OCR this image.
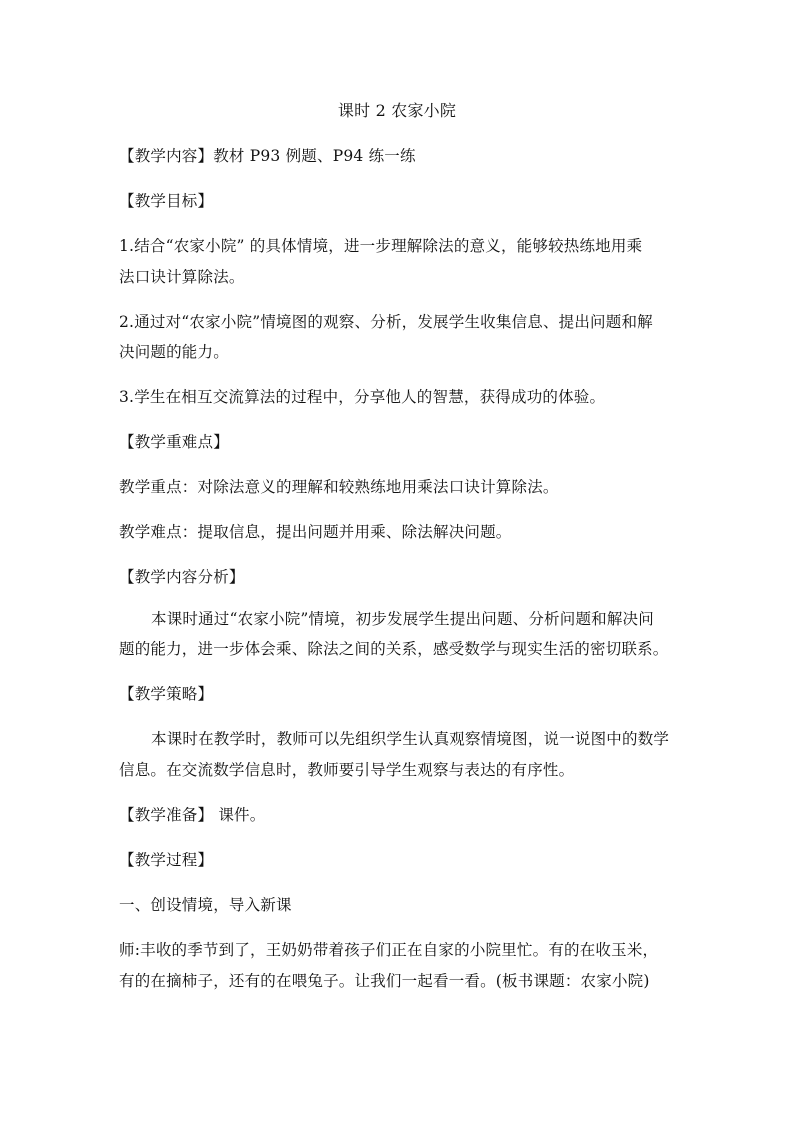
课时 2 农家小院
【教学内容】教材 P93 例题、P94 练一练
【教学目标】
1.结合“农家小院” 的具体情境，进一步理解除法的意义，能够较热练地用乘
法口诀计算除法。
2.通过对“农家小院”情境图的观察、分析，发展学生收集信息、提出问题和解
决问题的能力。
3.学生在相互交流算法的过程中，分享他人的智慧，获得成功的体验。
【教学重难点】
教学重点：对除法意义的理解和较熟练地用乘法口诀计算除法。
教学难点：提取信息，提出问题并用乘、除法解决问题。
【教学内容分析】
本课时通过“农家小院”情境，初步发展学生提出问题、分析问题和解决问
题的能力，进一步体会乘、除法之间的关系，感受数学与现实生活的密切联系。
【教学策略】
本课时在教学时，教师可以先组织学生认真观察情境图，说一说图中的数学
信息。在交流数学信息时，教师要引导学生观察与表达的有序性。
【教学准备】 课件。
【教学过程】
一、创设情境，导入新课
师:丰收的季节到了，王奶奶带着孩子们正在自家的小院里忙。有的在收玉米，
有的在摘柿子，还有的在喂兔子。让我们一起看一看。(板书课题：农家小院)
